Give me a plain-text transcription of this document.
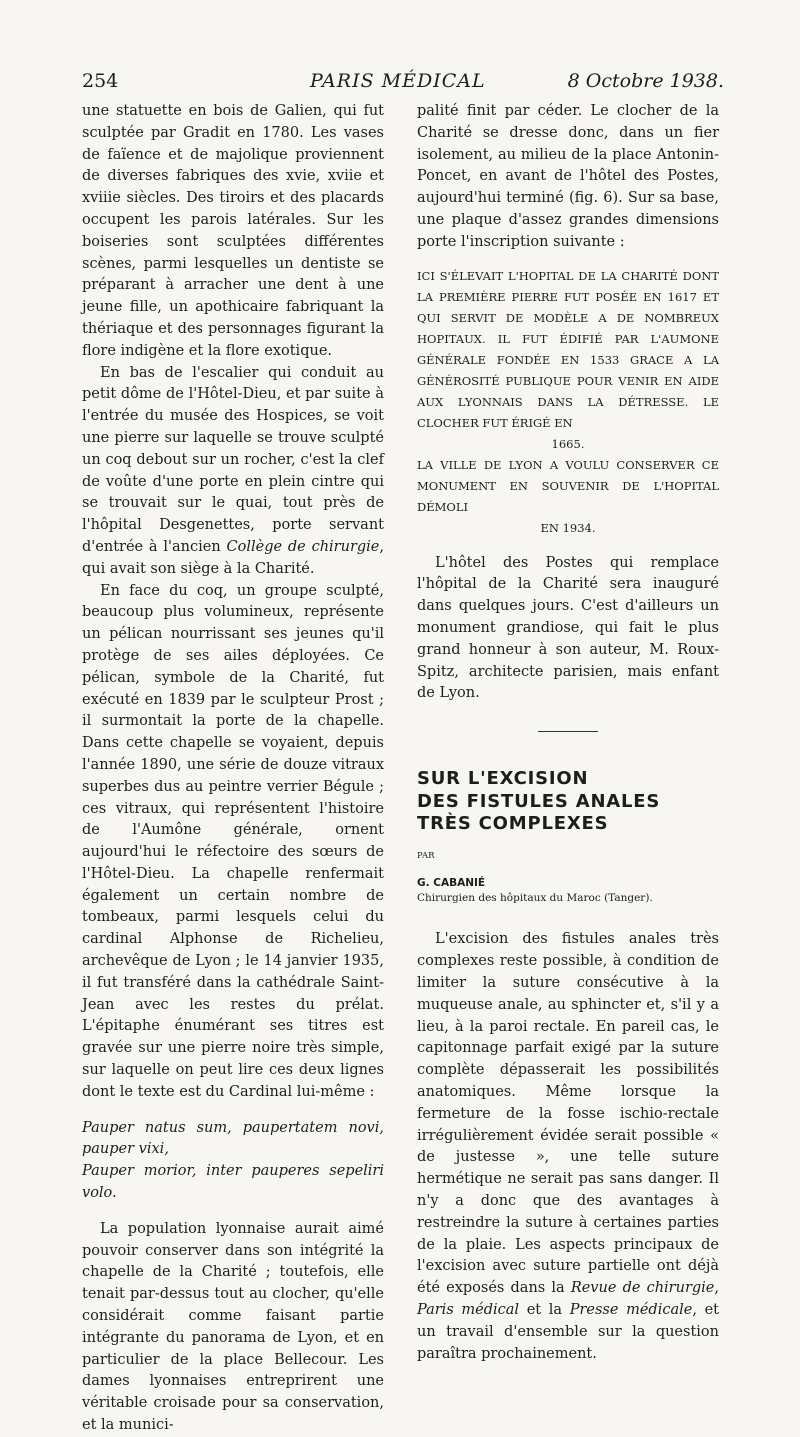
254	PARIS MÉDICAL	8 Octobre 1938.

une statuette en bois de Galien, qui fut sculptée par Gradit en 1780. Les vases de faïence et de majolique proviennent de diverses fabriques des xvie, xviie et xviiie siècles. Des tiroirs et des placards occupent les parois latérales. Sur les boiseries sont sculptées différentes scènes, parmi lesquelles un dentiste se préparant à arracher une dent à une jeune fille, un apothicaire fabriquant la thériaque et des personnages figurant la flore indigène et la flore exotique.

En bas de l'escalier qui conduit au petit dôme de l'Hôtel-Dieu, et par suite à l'entrée du musée des Hospices, se voit une pierre sur laquelle se trouve sculpté un coq debout sur un rocher, c'est la clef de voûte d'une porte en plein cintre qui se trouvait sur le quai, tout près de l'hôpital Desgenettes, porte servant d'entrée à l'ancien Collège de chirurgie, qui avait son siège à la Charité.

En face du coq, un groupe sculpté, beaucoup plus volumineux, représente un pélican nourrissant ses jeunes qu'il protège de ses ailes déployées. Ce pélican, symbole de la Charité, fut exécuté en 1839 par le sculpteur Prost ; il surmontait la porte de la chapelle. Dans cette chapelle se voyaient, depuis l'année 1890, une série de douze vitraux superbes dus au peintre verrier Bégule ; ces vitraux, qui représentent l'histoire de l'Aumône générale, ornent aujourd'hui le réfectoire des sœurs de l'Hôtel-Dieu. La chapelle renfermait également un certain nombre de tombeaux, parmi lesquels celui du cardinal Alphonse de Richelieu, archevêque de Lyon ; le 14 janvier 1935, il fut transféré dans la cathédrale Saint-Jean avec les restes du prélat. L'épitaphe énumérant ses titres est gravée sur une pierre noire très simple, sur laquelle on peut lire ces deux lignes dont le texte est du Cardinal lui-même :

Pauper natus sum, paupertatem novi, pauper vixi,

Pauper morior, inter pauperes sepeliri volo.

La population lyonnaise aurait aimé pouvoir conserver dans son intégrité la chapelle de la Charité ; toutefois, elle tenait par-dessus tout au clocher, qu'elle considérait comme faisant partie intégrante du panorama de Lyon, et en particulier de la place Bellecour. Les dames lyonnaises entreprirent une véritable croisade pour sa conservation, et la munici-

palité finit par céder. Le clocher de la Charité se dresse donc, dans un fier isolement, au milieu de la place Antonin-Poncet, en avant de l'hôtel des Postes, aujourd'hui terminé (fig. 6). Sur sa base, une plaque d'assez grandes dimensions porte l'inscription suivante :

ICI S'ÉLEVAIT L'HOPITAL DE LA CHARITÉ DONT LA PREMIÈRE PIERRE FUT POSÉE EN 1617 ET QUI SERVIT DE MODÈLE A DE NOMBREUX HOPITAUX. IL FUT ÉDIFIÉ PAR L'AUMONE GÉNÉRALE FONDÉE EN 1533 GRACE A LA GÉNÉROSITÉ PUBLIQUE POUR VENIR EN AIDE AUX LYONNAIS DANS LA DÉTRESSE. LE CLOCHER FUT ÉRIGÉ EN

1665.

LA VILLE DE LYON A VOULU CONSERVER CE MONUMENT EN SOUVENIR DE L'HOPITAL DÉMOLI

EN 1934.

L'hôtel des Postes qui remplace l'hôpital de la Charité sera inauguré dans quelques jours. C'est d'ailleurs un monument grandiose, qui fait le plus grand honneur à son auteur, M. Roux-Spitz, architecte parisien, mais enfant de Lyon.

SUR L'EXCISION

DES FISTULES ANALES

TRÈS COMPLEXES

PAR

G. CABANIÉ

Chirurgien des hôpitaux du Maroc (Tanger).

L'excision des fistules anales très complexes reste possible, à condition de limiter la suture consécutive à la muqueuse anale, au sphincter et, s'il y a lieu, à la paroi rectale. En pareil cas, le capitonnage parfait exigé par la suture complète dépasserait les possibilités anatomiques. Même lorsque la fermeture de la fosse ischio-rectale irrégulièrement évidée serait possible « de justesse », une telle suture hermétique ne serait pas sans danger. Il n'y a donc que des avantages à restreindre la suture à certaines parties de la plaie. Les aspects principaux de l'excision avec suture partielle ont déjà été exposés dans la Revue de chirurgie, Paris médical et la Presse médicale, et un travail d'ensemble sur la question paraîtra prochainement.
